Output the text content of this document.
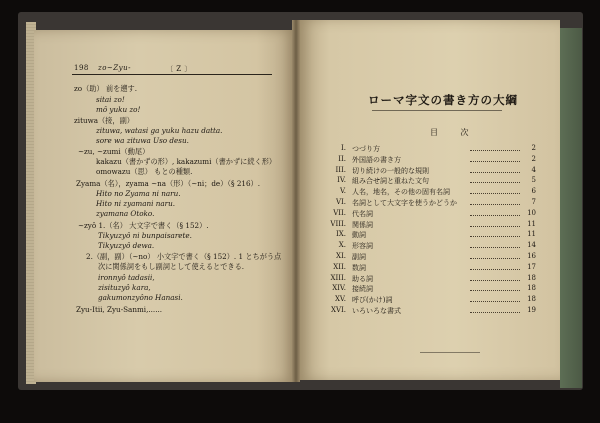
198 zo~Zyu-	〔 Z 〕
zo（助） 前を遡す.
sitai zo!
mô yuku zo!
zituwa（接，副）
zituwa, watasi ga yuku hazu datta.
sore wa zituwa Uso desu.
~zu, ~zumi（動尾）
kakazu（書かずの形）, kakazumi（書かずに続く形）
omowazu（思） もとの種類.
Zyama（名），zyama ~na（形）（~ni；de）（§ 216）.
Hito no Zyama ni naru.
Hito ni zyamani naru.
zyamana Otoko.
~zyô 1.（名） 大文字で書く（§ 152）.
Tikyuzyô ni bunpaisarete.
Tikyuzyô dewa.
2.（副，副）（~no） 小文字で書く（§ 152）. 1 とちがう点
次に関係詞をもし副詞として使えるとできる.
ironnyô tadasii,
zisituzyô kara,
gakumonzyôno Hanasi.
Zyu-Itii, Zyu-Sanmi,......
ローマ字文の書き方の大綱
目 次
I. つづり方	2
II. 外国語の書き方	2
III. 切り続けの一般的な規則	4
IV. 組み合せ詞と重ねた文句	5
V. 人名，地名，その他の固有名詞	6
VI. 名詞として大文字を使うかどうか	7
VII. 代名詞	10
VIII. 関係詞	11
IX. 動詞	11
X. 形容詞	14
XI. 副詞	16
XII. 数詞	17
XIII. 助る詞	18
XIV. 接続詞	18
XV. 呼び(かけ)詞	18
XVI. いろいろな書式	19
